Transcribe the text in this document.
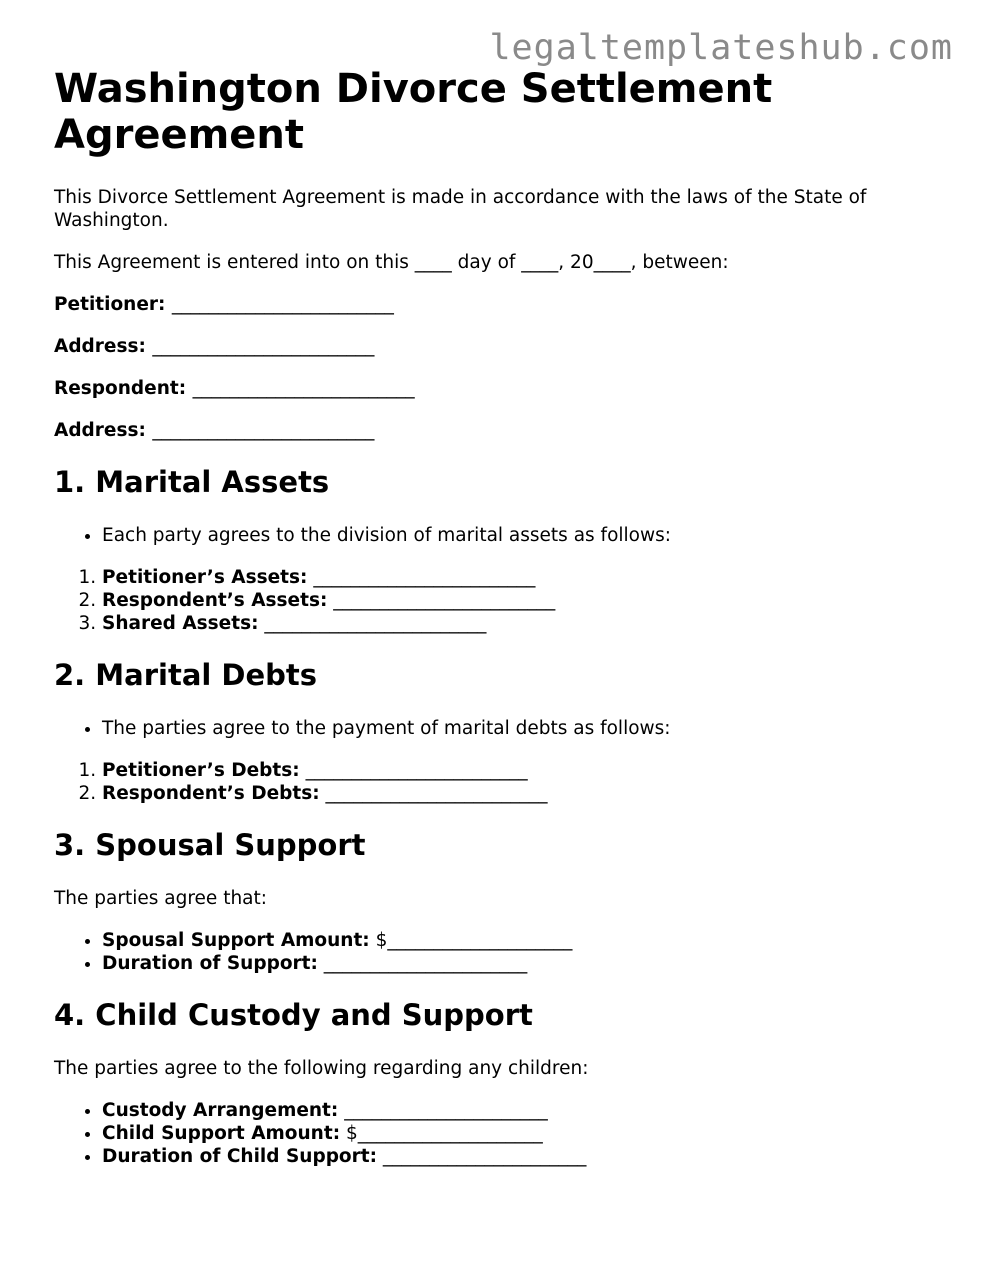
legaltemplateshub.com
Washington Divorce Settlement Agreement

This Divorce Settlement Agreement is made in accordance with the laws of the State of Washington.

This Agreement is entered into on this ____ day of ____, 20____, between:

Petitioner: ________________________
Address: ________________________
Respondent: ________________________
Address: ________________________
1. Marital Assets
• Each party agrees to the division of marital assets as follows:
1. Petitioner’s Assets: ________________________
2. Respondent’s Assets: ________________________
3. Shared Assets: ________________________
2. Marital Debts
• The parties agree to the payment of marital debts as follows:
1. Petitioner’s Debts: ________________________
2. Respondent’s Debts: ________________________
3. Spousal Support

The parties agree that:

• Spousal Support Amount: $____________________
• Duration of Support: ______________________
4. Child Custody and Support

The parties agree to the following regarding any children:

• Custody Arrangement: ______________________
• Child Support Amount: $____________________
• Duration of Child Support: ______________________
